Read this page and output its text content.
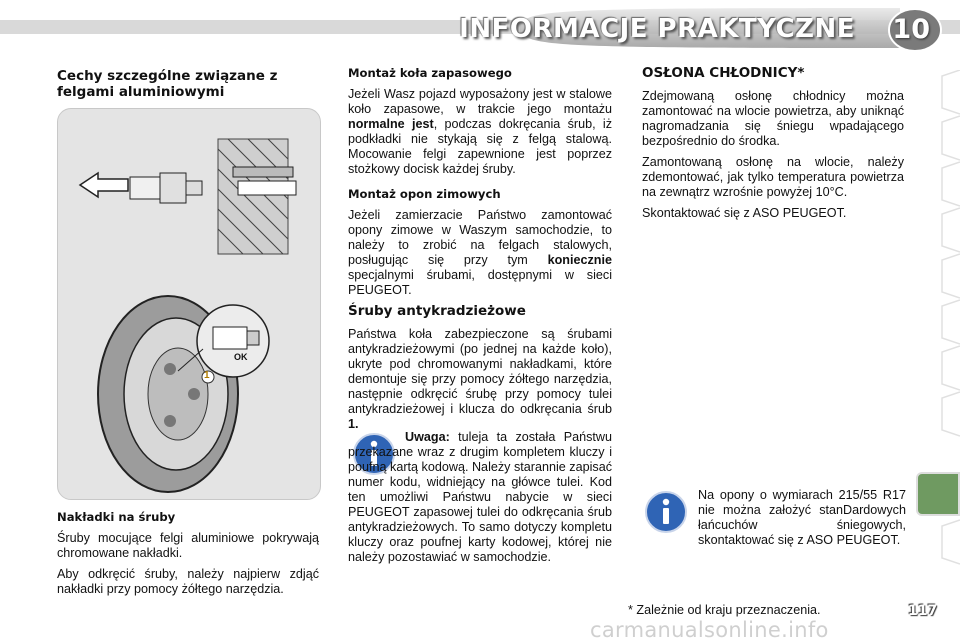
INFORMACJE PRAKTYCZNE 10
Cechy szczególne związane z felgami aluminiowymi
OK
1
Nakładki na śruby

Śruby mocujące felgi aluminiowe pokrywają chromowane nakładki.

Aby odkręcić śruby, należy najpierw zdjąć nakładki przy pomocy żółtego narzędzia.

Montaż koła zapasowego

Jeżeli Wasz pojazd wyposażony jest w stalowe koło zapasowe, w trakcie jego montażu normalne jest, podczas dokręcania śrub, iż podkładki nie stykają się z felgą stalową. Mocowanie felgi zapewnione jest poprzez stożkowy docisk każdej śruby.

Montaż opon zimowych

Jeżeli zamierzacie Państwo zamontować opony zimowe w Waszym samochodzie, to należy to zrobić na felgach stalowych, posługując się przy tym koniecznie specjalnymi śrubami, dostępnymi w sieci PEUGEOT.

Śruby antykradzieżowe

Państwa koła zabezpieczone są śrubami antykradzieżowymi (po jednej na każde koło), ukryte pod chromowanymi nakładkami, które demontuje się przy pomocy żółtego narzędzia, następnie odkręcić śrubę przy pomocy tulei antykradzieżowej i klucza do odkręcania śrub 1.

Uwaga: tuleja ta została Państwu przekazane wraz z drugim kompletem kluczy i poufną kartą kodową. Należy starannie zapisać numer kodu, widniejący na główce tulei. Kod ten umożliwi Państwu nabycie w sieci PEUGEOT zapasowej tulei do odkręcania śrub antykradzieżowych. To samo dotyczy kompletu kluczy oraz poufnej karty kodowej, której nie należy pozostawiać w samochodzie.

OSŁONA CHŁODNICY*

Zdejmowaną osłonę chłodnicy można zamontować na wlocie powietrza, aby uniknąć nagromadzania się śniegu wpadającego bezpośrednio do środka.

Zamontowaną osłonę na wlocie, należy zdemontować, jak tylko temperatura powietrza na zewnątrz wzrośnie powyżej 10°C.

Skontaktować się z ASO PEUGEOT.

Na opony o wymiarach 215/55 R17 nie można założyć stanDardowych łańcuchów śniegowych, skontaktować się z ASO PEUGEOT.

* Zależnie od kraju przeznaczenia.	117
carmanualsonline.info
